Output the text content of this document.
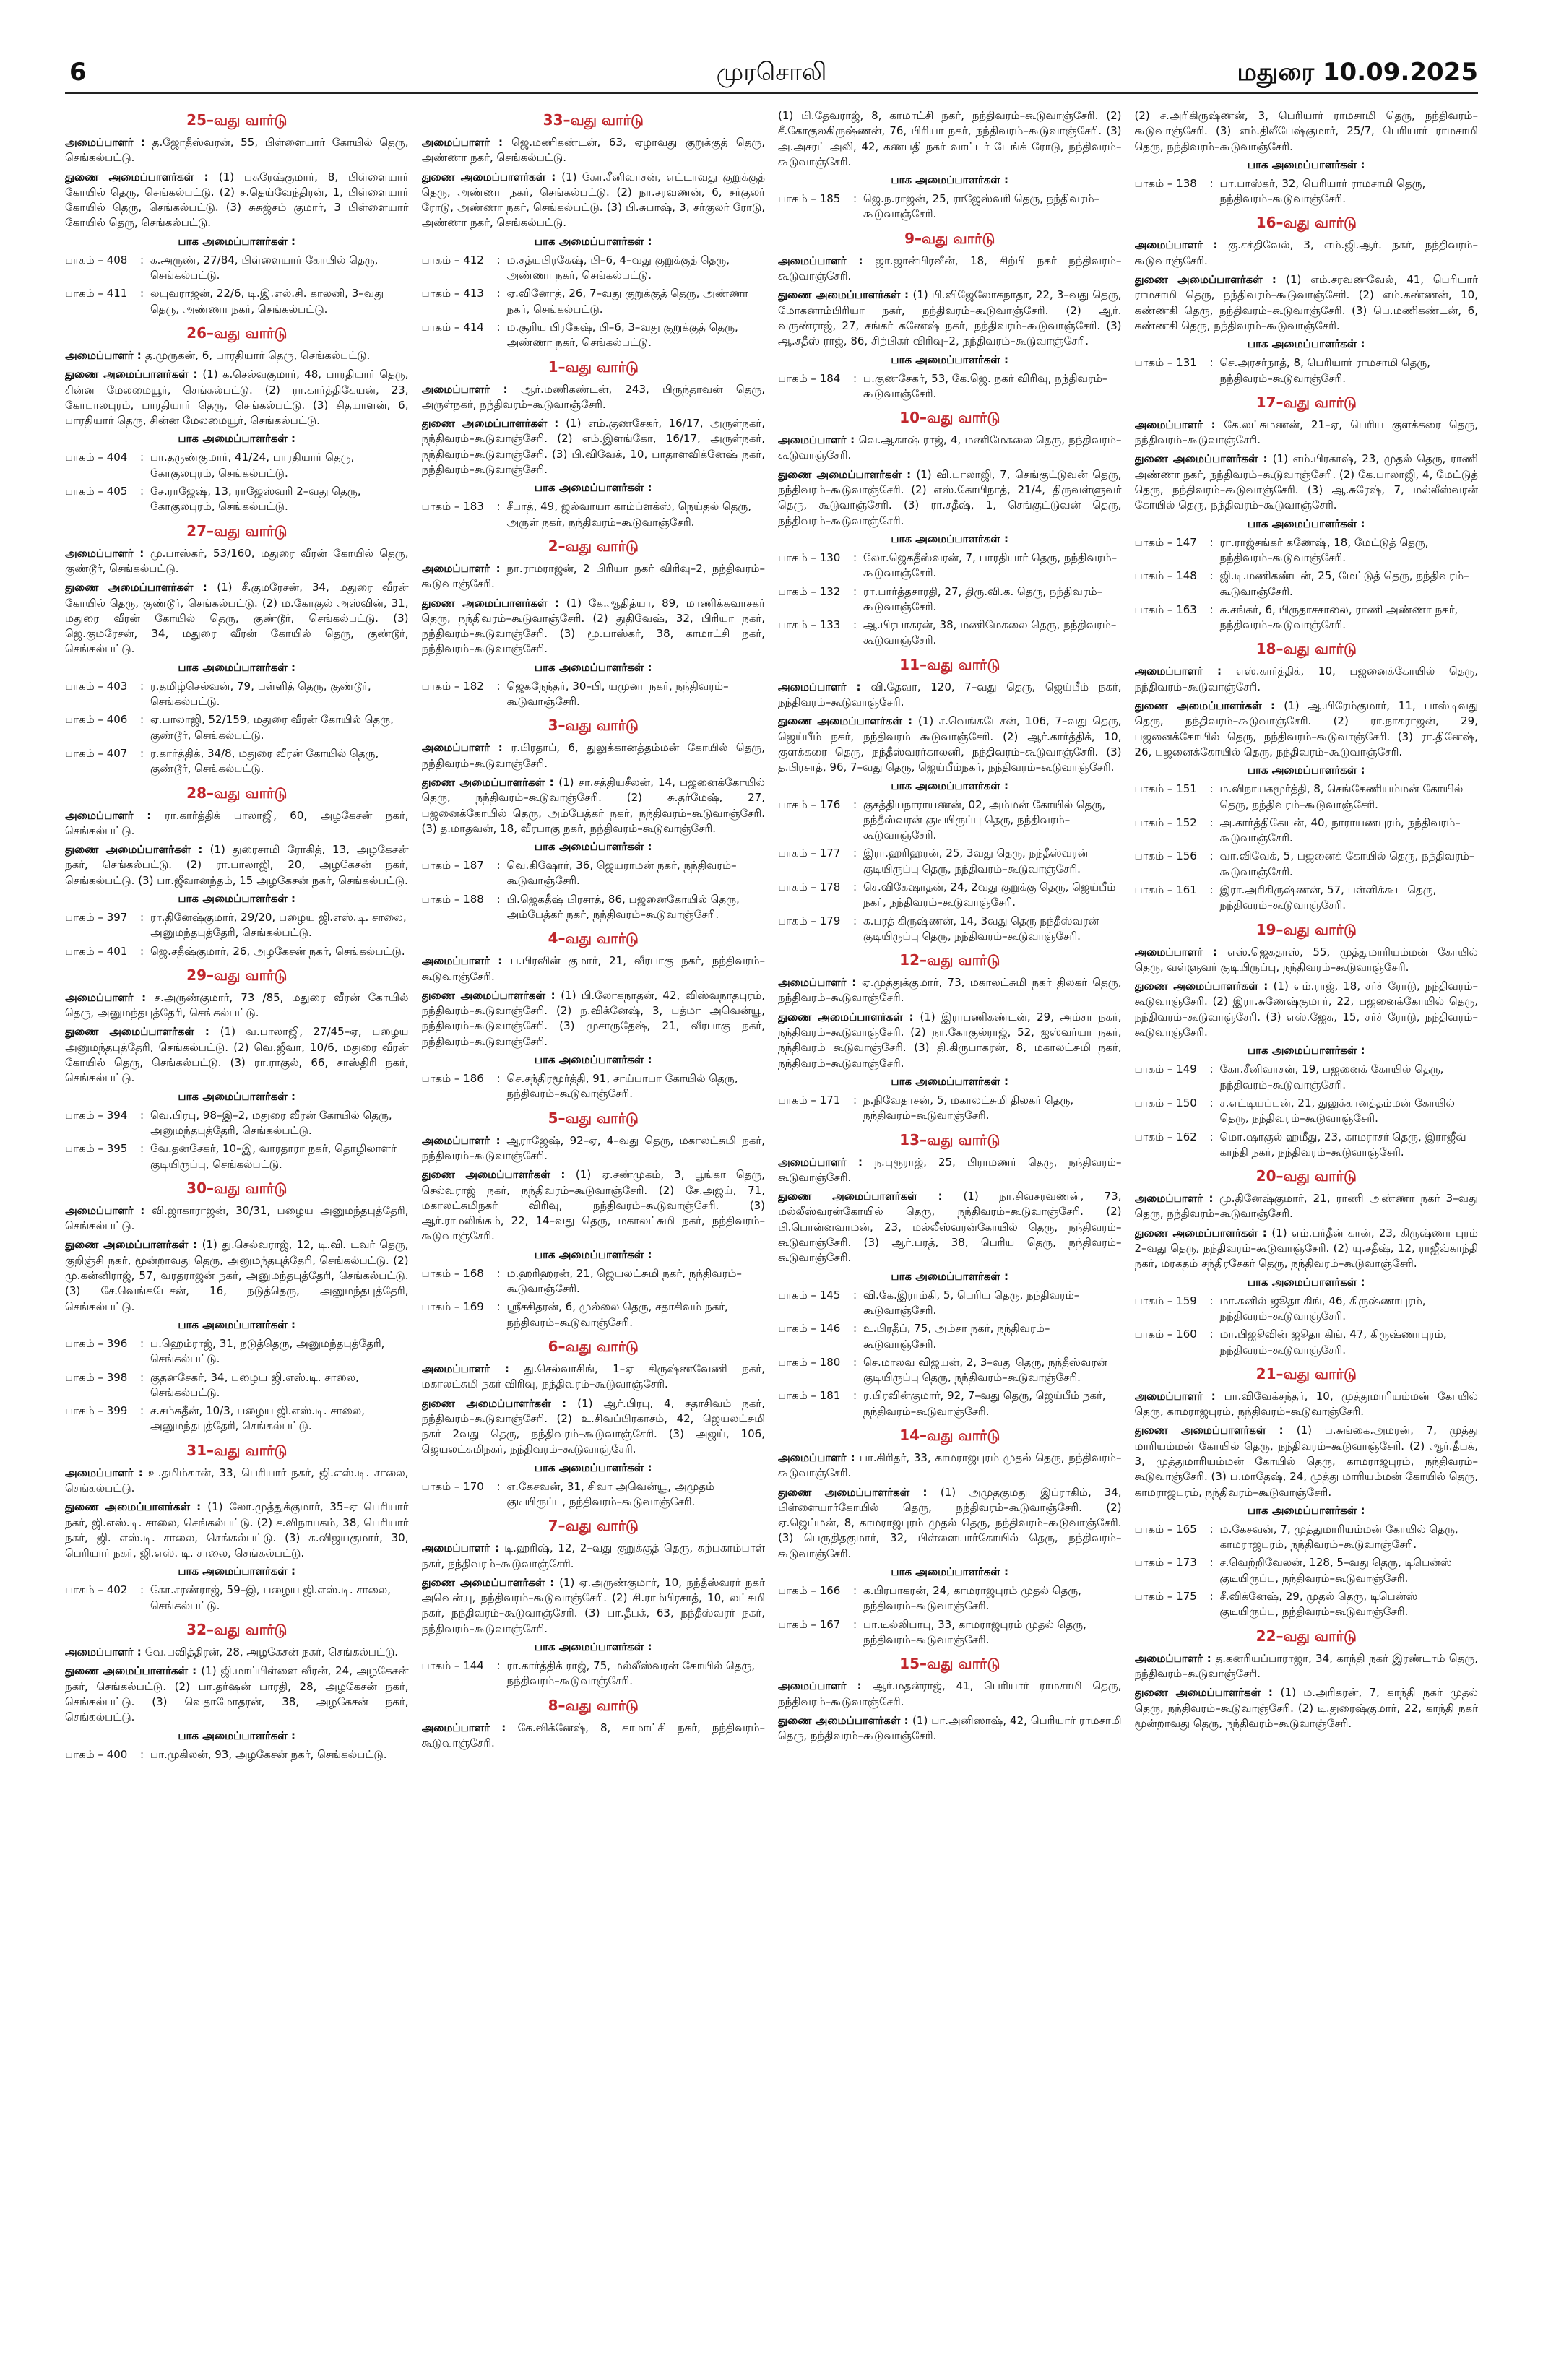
6	முரசொலி	மதுரை 10.09.2025
25–வது வார்டு

அமைப்பாளர் : த.ஜோதீஸ்வரன், 55, பிள்ளையார் கோயில் தெரு, செங்கல்பட்டு.

துணை அமைப்பாளர்கள் : (1) பசுரேஷ்குமார், 8, பிள்ளையார் கோயில் தெரு, செங்கல்பட்டு. (2) ச.தெய்வேந்திரன், 1, பிள்ளையார் கோயில் தெரு, செங்கல்பட்டு. (3) சுசுஜ்சம் குமார், 3 பிள்ளையார் கோயில் தெரு, செங்கல்பட்டு.

பாக அமைப்பாளர்கள் :
பாகம் – 408	: க.அருண், 27/84, பிள்ளையார் கோயில் தெரு, செங்கல்பட்டு.
பாகம் – 411	: லயுவராஜன், 22/6, டி.இ.எல்.சி. காலனி, 3–வது தெரு, அண்ணா நகர், செங்கல்பட்டு.
26–வது வார்டு

அமைப்பாளர் : த.முருகன், 6, பாரதியார் தெரு, செங்கல்பட்டு.

துணை அமைப்பாளர்கள் : (1) க.செல்வகுமார், 48, பாரதியார் தெரு, சின்ன மேலமையூர், செங்கல்பட்டு. (2) ரா.கார்த்திகேயன், 23, கோபாலபுரம், பாரதியார் தெரு, செங்கல்பட்டு. (3) சிதயாளன், 6, பாரதியார் தெரு, சின்ன மேலமையூர், செங்கல்பட்டு.

பாக அமைப்பாளர்கள் :
பாகம் – 404	: பா.தருண்குமார், 41/24, பாரதியார் தெரு, கோகுலபுரம், செங்கல்பட்டு.
பாகம் – 405	: சே.ராஜேஷ், 13, ராஜேஸ்வரி 2–வது தெரு, கோகுலபுரம், செங்கல்பட்டு.
27–வது வார்டு

அமைப்பாளர் : மு.பாஸ்கர், 53/160, மதுரை வீரன் கோயில் தெரு, குண்டூர், செங்கல்பட்டு.

துணை அமைப்பாளர்கள் : (1) சீ.குமரேசன், 34, மதுரை வீரன் கோயில் தெரு, குண்டூர், செங்கல்பட்டு. (2) ம.கோகுல் அஸ்வின், 31, மதுரை வீரன் கோயில் தெரு, குண்டூர், செங்கல்பட்டு. (3) ஜெ.குமரேசன், 34, மதுரை வீரன் கோயில் தெரு, குண்டூர், செங்கல்பட்டு.

பாக அமைப்பாளர்கள் :
பாகம் – 403	: ர.தமிழ்செல்வன், 79, பள்ளித் தெரு, குண்டூர், செங்கல்பட்டு.
பாகம் – 406	: ஏ.பாலாஜி, 52/159, மதுரை வீரன் கோயில் தெரு, குண்டூர், செங்கல்பட்டு.
பாகம் – 407	: ர.கார்த்திக், 34/8, மதுரை வீரன் கோயில் தெரு, குண்டூர், செங்கல்பட்டு.
28–வது வார்டு

அமைப்பாளர் : ரா.கார்த்திக் பாலாஜி, 60, அழகேசன் நகர், செங்கல்பட்டு.

துணை அமைப்பாளர்கள் : (1) துரைசாமி ரோகித், 13, அழகேசன் நகர், செங்கல்பட்டு. (2) ரா.பாலாஜி, 20, அழகேசன் நகர், செங்கல்பட்டு. (3) பா.ஜீவானந்தம், 15 அழகேசன் நகர், செங்கல்பட்டு.

பாக அமைப்பாளர்கள் :
பாகம் – 397	: ரா.தினேஷ்குமார், 29/20, பழைய ஜி.எஸ்.டி. சாலை, அனுமந்தபுத்தேரி, செங்கல்பட்டு.
பாகம் – 401	: ஜெ.சதீஷ்குமார், 26, அழகேசன் நகர், செங்கல்பட்டு.
29–வது வார்டு

அமைப்பாளர் : ச.அருண்குமார், 73 /85, மதுரை வீரன் கோயில் தெரு, அனுமந்தபுத்தேரி, செங்கல்பட்டு.

துணை அமைப்பாளர்கள் : (1) வ.பாலாஜி, 27/45–ஏ, பழைய அனுமந்தபுத்தேரி, செங்கல்பட்டு. (2) வெ.ஜீவா, 10/6, மதுரை வீரன் கோயில் தெரு, செங்கல்பட்டு. (3) ரா.ராகுல், 66, சாஸ்திரி நகர், செங்கல்பட்டு.

பாக அமைப்பாளர்கள் :
பாகம் – 394	: வெ.பிரபு, 98–இ–2, மதுரை வீரன் கோயில் தெரு, அனுமந்தபுத்தேரி, செங்கல்பட்டு.
பாகம் – 395	: வே.தனசேகர், 10–இ, வாரதாரா நகர், தொழிலாளர் குடியிருப்பு, செங்கல்பட்டு.
30–வது வார்டு

அமைப்பாளர் : வி.ஜாகாராஜன், 30/31, பழைய அனுமந்தபுத்தேரி, செங்கல்பட்டு.

துணை அமைப்பாளர்கள் : (1) து.செல்வராஜ், 12, டி.வி. டவர் தெரு, குறிஞ்சி நகர், மூன்றாவது தெரு, அனுமந்தபுத்தேரி, செங்கல்பட்டு. (2) மு.கன்னிராஜ், 57, வரதராஜன் நகர், அனுமந்தபுத்தேரி, செங்கல்பட்டு. (3) சே.வெங்கடேசன், 16, நடுத்தெரு, அனுமந்தபுத்தேரி, செங்கல்பட்டு.

பாக அமைப்பாளர்கள் :
பாகம் – 396	: ப.ஹெம்ராஜ், 31, நடுத்தெரு, அனுமந்தபுத்தேரி, செங்கல்பட்டு.
பாகம் – 398	: குதனசேகர், 34, பழைய ஜி.எஸ்.டி. சாலை, செங்கல்பட்டு.
பாகம் – 399	: ச.சம்சுதீன், 10/3, பழைய ஜி.எஸ்.டி. சாலை, அனுமந்தபுத்தேரி, செங்கல்பட்டு.
31–வது வார்டு

அமைப்பாளர் : உ.தமிம்கான், 33, பெரியார் நகர், ஜி.எஸ்.டி. சாலை, செங்கல்பட்டு.

துணை அமைப்பாளர்கள் : (1) லோ.முத்துக்குமார், 35–ஏ பெரியார் நகர், ஜி.எஸ்.டி. சாலை, செங்கல்பட்டு. (2) ச.விநாயகம், 38, பெரியார் நகர், ஜி. எஸ்.டி. சாலை, செங்கல்பட்டு. (3) சு.விஜயகுமார், 30, பெரியார் நகர், ஜி.எஸ். டி. சாலை, செங்கல்பட்டு.

பாக அமைப்பாளர்கள் :
பாகம் – 402	: கோ.சரண்ராஜ், 59–இ, பழைய ஜி.எஸ்.டி. சாலை, செங்கல்பட்டு.
32–வது வார்டு

அமைப்பாளர் : வே.பவித்திரன், 28, அழகேசன் நகர், செங்கல்பட்டு.

துணை அமைப்பாளர்கள் : (1) ஜி.மாப்பிள்ளை வீரன், 24, அழகேசன் நகர், செங்கல்பட்டு. (2) பா.தர்ஷன் பாரதி, 28, அழகேசன் நகர், செங்கல்பட்டு. (3) வெதாமோதரன், 38, அழகேசன் நகர், செங்கல்பட்டு.

பாக அமைப்பாளர்கள் :
பாகம் – 400	: பா.முகிலன், 93, அழகேசன் நகர், செங்கல்பட்டு.
33–வது வார்டு

அமைப்பாளர் : ஜெ.மணிகண்டன், 63, ஏழாவது குறுக்குத் தெரு, அண்ணா நகர், செங்கல்பட்டு.

துணை அமைப்பாளர்கள் : (1) கோ.சீனிவாசன், எட்டாவது குறுக்குத் தெரு, அண்ணா நகர், செங்கல்பட்டு. (2) நா.சரவணன், 6, சர்குலர் ரோடு, அண்ணா நகர், செங்கல்பட்டு. (3) பி.சுபாஷ், 3, சர்குலர் ரோடு, அண்ணா நகர், செங்கல்பட்டு.

பாக அமைப்பாளர்கள் :
பாகம் – 412	: ம.சத்யபிரகேஷ், பி–6, 4–வது குறுக்குத் தெரு, அண்ணா நகர், செங்கல்பட்டு.
பாகம் – 413	: ஏ.வினோத், 26, 7–வது குறுக்குத் தெரு, அண்ணா நகர், செங்கல்பட்டு.
பாகம் – 414	: ம.சூரிய பிரகேஷ், பி–6, 3–வது குறுக்குத் தெரு, அண்ணா நகர், செங்கல்பட்டு.
1–வது வார்டு

அமைப்பாளர் : ஆர்.மணிகண்டன், 243, பிருந்தாவன் தெரு, அருள்நகர், நந்திவரம்–கூடுவாஞ்சேரி.

துணை அமைப்பாளர்கள் : (1) எம்.குணசேகர், 16/17, அருள்நகர், நந்திவரம்–கூடுவாஞ்சேரி. (2) எம்.இளங்கோ, 16/17, அருள்நகர், நந்திவரம்–கூடுவாஞ்சேரி. (3) பி.விவேக், 10, பாதாளவிக்னேஷ் நகர், நந்திவரம்–கூடுவாஞ்சேரி.

பாக அமைப்பாளர்கள் :
பாகம் – 183	: சீபாத், 49, ஜல்வாயா காம்ப்ளக்ஸ், நெய்தல் தெரு, அருள் நகர், நந்திவரம்–கூடுவாஞ்சேரி.
2–வது வார்டு

அமைப்பாளர் : நா.ராமராஜன், 2 பிரியா நகர் விரிவு–2, நந்திவரம்–கூடுவாஞ்சேரி.

துணை அமைப்பாளர்கள் : (1) கே.ஆதித்யா, 89, மாணிக்கவாசகர் தெரு, நந்திவரம்–கூடுவாஞ்சேரி. (2) துதிவேஷ், 32, பிரியா நகர், நந்திவரம்–கூடுவாஞ்சேரி. (3) மூ.பாஸ்கர், 38, காமாட்சி நகர், நந்திவரம்–கூடுவாஞ்சேரி.

பாக அமைப்பாளர்கள் :
பாகம் – 182	: ஜெகநேந்தர், 30–பி, யமுனா நகர், நந்திவரம்–கூடுவாஞ்சேரி.
3–வது வார்டு

அமைப்பாளர் : ர.பிரதாப், 6, துலுக்கானத்தம்மன் கோயில் தெரு, நந்திவரம்–கூடுவாஞ்சேரி.

துணை அமைப்பாளர்கள் : (1) சா.சத்தியசீலன், 14, பஜனைக்கோயில் தெரு, நந்திவரம்–கூடுவாஞ்சேரி. (2) சு.தர்மேஷ், 27, பஜனைக்கோயில் தெரு, அம்பேத்கர் நகர், நந்திவரம்–கூடுவாஞ்சேரி. (3) த.மாதவன், 18, வீரபாகு நகர், நந்திவரம்–கூடுவாஞ்சேரி.

பாக அமைப்பாளர்கள் :
பாகம் – 187	: வெ.கிஷோர், 36, ஜெயராமன் நகர், நந்திவரம்–கூடுவாஞ்சேரி.
பாகம் – 188	: பி.ஜெகதீஷ் பிரசாத், 86, பஜனைகோயில் தெரு, அம்பேத்கர் நகர், நந்திவரம்–கூடுவாஞ்சேரி.
4–வது வார்டு

அமைப்பாளர் : ப.பிரவின் குமார், 21, வீரபாகு நகர், நந்திவரம்–கூடுவாஞ்சேரி.

துணை அமைப்பாளர்கள் : (1) பி.லோகநாதன், 42, விஸ்வநாதபுரம், நந்திவரம்–கூடுவாஞ்சேரி. (2) ந.விக்னேஷ், 3, பத்மா அவென்யூ, நந்திவரம்–கூடுவாஞ்சேரி. (3) முசாருதேஷ், 21, வீரபாகு நகர், நந்திவரம்–கூடுவாஞ்சேரி.

பாக அமைப்பாளர்கள் :
பாகம் – 186	: செ.சந்திரமூர்த்தி, 91, சாய்பாபா கோயில் தெரு, நந்திவரம்–கூடுவாஞ்சேரி.
5–வது வார்டு

அமைப்பாளர் : ஆராஜேஷ், 92–ஏ, 4–வது தெரு, மகாலட்சுமி நகர், நந்திவரம்–கூடுவாஞ்சேரி.

துணை அமைப்பாளர்கள் : (1) ஏ.சண்முகம், 3, பூங்கா தெரு, செல்வராஜ் நகர், நந்திவரம்–கூடுவாஞ்சேரி. (2) சே.அஜய், 71, மகாலட்சுமிநகர் விரிவு, நந்திவரம்–கூடுவாஞ்சேரி. (3) ஆர்.ராமலிங்கம், 22, 14–வது தெரு, மகாலட்சுமி நகர், நந்திவரம்–கூடுவாஞ்சேரி.

பாக அமைப்பாளர்கள் :
பாகம் – 168	: ம.ஹரிஹரன், 21, ஜெயலட்சுமி நகர், நந்திவரம்–கூடுவாஞ்சேரி.
பாகம் – 169	: ஸ்ரீசசிதரன், 6, முல்லை தெரு, சதாசிவம் நகர், நந்திவரம்–கூடுவாஞ்சேரி.
6–வது வார்டு

அமைப்பாளர் : து.செல்வாசிங், 1–ஏ கிருஷ்ணவேணி நகர், மகாலட்சுமி நகர் விரிவு, நந்திவரம்–கூடுவாஞ்சேரி.

துணை அமைப்பாளர்கள் : (1) ஆர்.பிரபு, 4, சதாசிவம் நகர், நந்திவரம்–கூடுவாஞ்சேரி. (2) உ.சிவப்பிரகாசம், 42, ஜெயலட்சுமி நகர் 2வது தெரு, நந்திவரம்–கூடுவாஞ்சேரி. (3) அஜய், 106, ஜெயலட்சுமிநகர், நந்திவரம்–கூடுவாஞ்சேரி.

பாக அமைப்பாளர்கள் :
பாகம் – 170	: எ.கேசவன், 31, சிவா அவென்யூ, அமுதம் குடியிருப்பு, நந்திவரம்–கூடுவாஞ்சேரி.
7–வது வார்டு

அமைப்பாளர் : டி.ஹரிஷ், 12, 2–வது குறுக்குத் தெரு, சுற்பகாம்பாள் நகர், நந்திவரம்–கூடுவாஞ்சேரி.

துணை அமைப்பாளர்கள் : (1) ஏ.அருண்குமார், 10, நந்தீஸ்வரர் நகர் அவென்யு, நந்திவரம்–கூடுவாஞ்சேரி. (2) சி.ராம்பிரசாத், 10, லட்சுமி நகர், நந்திவரம்–கூடுவாஞ்சேரி. (3) பா.தீபக், 63, நந்தீஸ்வரர் நகர், நந்திவரம்–கூடுவாஞ்சேரி.

பாக அமைப்பாளர்கள் :
பாகம் – 144	: ரா.கார்த்திக் ராஜ், 75, மல்லீஸ்வரன் கோயில் தெரு, நந்திவரம்–கூடுவாஞ்சேரி.
8–வது வார்டு

அமைப்பாளர் : கே.விக்னேஷ், 8, காமாட்சி நகர், நந்திவரம்–கூடுவாஞ்சேரி.

(1) பி.தேவராஜ், 8, காமாட்சி நகர், நந்திவரம்–கூடுவாஞ்சேரி. (2) சீ.கோகுலகிருஷ்ணன், 76, பிரியா நகர், நந்திவரம்–கூடுவாஞ்சேரி. (3) அ.அசரப் அலி, 42, கணபதி நகர் வாட்டர் டேங்க் ரோடு, நந்திவரம்–கூடுவாஞ்சேரி.

பாக அமைப்பாளர்கள் :
பாகம் – 185	: ஜெ.ந.ராஜன், 25, ராஜேஸ்வரி தெரு, நந்திவரம்–கூடுவாஞ்சேரி.
9–வது வார்டு

அமைப்பாளர் : ஜா.ஜான்பிரவீன், 18, சிற்பி நகர் நந்திவரம்–கூடுவாஞ்சேரி.

துணை அமைப்பாளர்கள் : (1) பி.விஜேலோகநாதா, 22, 3–வது தெரு, மோகனாம்பிரியா நகர், நந்திவரம்–கூடுவாஞ்சேரி. (2) ஆர். வருண்ராஜ், 27, சங்கர் கணேஷ் நகர், நந்திவரம்–கூடுவாஞ்சேரி. (3) ஆ.சதீஸ் ராஜ், 86, சிற்பிகர் விரிவு–2, நந்திவரம்–கூடுவாஞ்சேரி.

பாக அமைப்பாளர்கள் :
பாகம் – 184	: ப.குணசேகர், 53, கே.ஜெ. நகர் விரிவு, நந்திவரம்–கூடுவாஞ்சேரி.
10–வது வார்டு

அமைப்பாளர் : வெ.ஆகாஷ் ராஜ், 4, மணிமேகலை தெரு, நந்திவரம்–கூடுவாஞ்சேரி.

துணை அமைப்பாளர்கள் : (1) வி.பாலாஜி, 7, செங்குட்டுவன் தெரு, நந்திவரம்–கூடுவாஞ்சேரி. (2) எஸ்.கோபிநாத், 21/4, திருவள்ளுவர் தெரு, கூடுவாஞ்சேரி. (3) ரா.சதீஷ், 1, செங்குட்டுவன் தெரு, நந்திவரம்–கூடுவாஞ்சேரி.

பாக அமைப்பாளர்கள் :
பாகம் – 130	: லோ.ஜெகதீஸ்வரன், 7, பாரதியார் தெரு, நந்திவரம்–கூடுவாஞ்சேரி.
பாகம் – 132	: ரா.பார்த்தசாரதி, 27, திரு.வி.க. தெரு, நந்திவரம்–கூடுவாஞ்சேரி.
பாகம் – 133	: ஆ.பிரபாகரன், 38, மணிமேகலை தெரு, நந்திவரம்–கூடுவாஞ்சேரி.
11–வது வார்டு

அமைப்பாளர் : வி.தேவா, 120, 7–வது தெரு, ஜெய்பீம் நகர், நந்திவரம்–கூடுவாஞ்சேரி.

துணை அமைப்பாளர்கள் : (1) ச.வெங்கடேசன், 106, 7–வது தெரு, ஜெய்பீம் நகர், நந்திவரம் கூடுவாஞ்சேரி. (2) ஆர்.கார்த்திக், 10, குளக்கரை தெரு, நந்தீஸ்வரர்காலனி, நந்திவரம்–கூடுவாஞ்சேரி. (3) த.பிரசாத், 96, 7–வது தெரு, ஜெய்பீம்நகர், நந்திவரம்–கூடுவாஞ்சேரி.

பாக அமைப்பாளர்கள் :
பாகம் – 176	: குசத்தியநாராயணன், 02, அம்மன் கோயில் தெரு, நந்தீஸ்வரன் குடியிருப்பு தெரு, நந்திவரம்–கூடுவாஞ்சேரி.
பாகம் – 177	: இரா.ஹரிஹரன், 25, 3வது தெரு, நந்தீஸ்வரன் குடியிருப்பு தெரு, நந்திவரம்–கூடுவாஞ்சேரி.
பாகம் – 178	: செ.விகேஷாதன், 24, 2வது குறுக்கு தெரு, ஜெய்பீம் நகர், நந்திவரம்–கூடுவாஞ்சேரி.
பாகம் – 179	: க.பரத் கிருஷ்ணன், 14, 3வது தெரு நந்தீஸ்வரன் குடியிருப்பு தெரு, நந்திவரம்–கூடுவாஞ்சேரி.
12–வது வார்டு

அமைப்பாளர் : ஏ.முத்துக்குமார், 73, மகாலட்சுமி நகர் திலகர் தெரு, நந்திவரம்–கூடுவாஞ்சேரி.

துணை அமைப்பாளர்கள் : (1) இராபணிகண்டன், 29, அம்சா நகர், நந்திவரம்–கூடுவாஞ்சேரி. (2) நா.கோகுல்ராஜ், 52, ஐஸ்வர்யா நகர், நந்திவரம் கூடுவாஞ்சேரி. (3) தி.கிருபாகரன், 8, மகாலட்சுமி நகர், நந்திவரம்–கூடுவாஞ்சேரி.

பாக அமைப்பாளர்கள் :
பாகம் – 171	: ந.நிவேதாசன், 5, மகாலட்சுமி திலகர் தெரு, நந்திவரம்–கூடுவாஞ்சேரி.
13–வது வார்டு

அமைப்பாளர் : ந.புரூராஜ், 25, பிராமணர் தெரு, நந்திவரம்–கூடுவாஞ்சேரி.

துணை அமைப்பாளர்கள் : (1) நா.சிவசரவணன், 73, மல்லீஸ்வரன்கோயில் தெரு, நந்திவரம்–கூடுவாஞ்சேரி. (2) பி.பொன்னவாமன், 23, மல்லீஸ்வரன்கோயில் தெரு, நந்திவரம்–கூடுவாஞ்சேரி. (3) ஆர்.பரத், 38, பெரிய தெரு, நந்திவரம்–கூடுவாஞ்சேரி.

பாக அமைப்பாளர்கள் :
பாகம் – 145	: வி.கே.இராம்கி, 5, பெரிய தெரு, நந்திவரம்–கூடுவாஞ்சேரி.
பாகம் – 146	: உ.பிரதீப், 75, அம்சா நகர், நந்திவரம்–கூடுவாஞ்சேரி.
பாகம் – 180	: செ.மாலவ விஜயன், 2, 3–வது தெரு, நந்தீஸ்வரன் குடியிருப்பு தெரு, நந்திவரம்–கூடுவாஞ்சேரி.
பாகம் – 181	: ர.பிரவின்குமார், 92, 7–வது தெரு, ஜெய்பீம் நகர், நந்திவரம்–கூடுவாஞ்சேரி.
14–வது வார்டு

அமைப்பாளர் : பா.கிரிதர், 33, காமராஜபுரம் முதல் தெரு, நந்திவரம்–கூடுவாஞ்சேரி.

துணை அமைப்பாளர்கள் : (1) அமுதகுமது இப்ராகிம், 34, பிள்ளையார்கோயில் தெரு, நந்திவரம்–கூடுவாஞ்சேரி. (2) ஏ.ஜெய்மன், 8, காமராஜபுரம் முதல் தெரு, நந்திவரம்–கூடுவாஞ்சேரி. (3) பெருதிதகுமார், 32, பிள்ளையார்கோயில் தெரு, நந்திவரம்–கூடுவாஞ்சேரி.

பாக அமைப்பாளர்கள் :
பாகம் – 166	: க.பிரபாகரன், 24, காமராஜபுரம் முதல் தெரு, நந்திவரம்–கூடுவாஞ்சேரி.
பாகம் – 167	: பா.டில்லிபாபு, 33, காமராஜபுரம் முதல் தெரு, நந்திவரம்–கூடுவாஞ்சேரி.
15–வது வார்டு

அமைப்பாளர் : ஆர்.மதன்ராஜ், 41, பெரியார் ராமசாமி தெரு, நந்திவரம்–கூடுவாஞ்சேரி.

துணை அமைப்பாளர்கள் : (1) பா.அனிஸாஷ், 42, பெரியார் ராமசாமி தெரு, நந்திவரம்–கூடுவாஞ்சேரி.

(2) ச.அரிகிருஷ்ணன், 3, பெரியார் ராமசாமி தெரு, நந்திவரம்–கூடுவாஞ்சேரி. (3) எம்.திலீபேஷ்குமார், 25/7, பெரியார் ராமசாமி தெரு, நந்திவரம்–கூடுவாஞ்சேரி.

பாக அமைப்பாளர்கள் :
பாகம் – 138	: பா.பாஸ்கர், 32, பெரியார் ராமசாமி தெரு, நந்திவரம்–கூடுவாஞ்சேரி.
16–வது வார்டு

அமைப்பாளர் : கு.சக்திவேல், 3, எம்.ஜி.ஆர். நகர், நந்திவரம்–கூடுவாஞ்சேரி.

துணை அமைப்பாளர்கள் : (1) எம்.சரவணவேல், 41, பெரியார் ராமசாமி தெரு, நந்திவரம்–கூடுவாஞ்சேரி. (2) எம்.கண்ணன், 10, கண்ணகி தெரு, நந்திவரம்–கூடுவாஞ்சேரி. (3) பெ.மணிகண்டன், 6, கண்ணகி தெரு, நந்திவரம்–கூடுவாஞ்சேரி.

பாக அமைப்பாளர்கள் :
பாகம் – 131	: செ.அரசர்நாத், 8, பெரியார் ராமசாமி தெரு, நந்திவரம்–கூடுவாஞ்சேரி.
17–வது வார்டு

அமைப்பாளர் : கே.லட்சுமணன், 21–ஏ, பெரிய குளக்கரை தெரு, நந்திவரம்–கூடுவாஞ்சேரி.

துணை அமைப்பாளர்கள் : (1) எம்.பிரகாஷ், 23, முதல் தெரு, ராணி அண்ணா நகர், நந்திவரம்–கூடுவாஞ்சேரி. (2) கே.பாலாஜி, 4, மேட்டுத் தெரு, நந்திவரம்–கூடுவாஞ்சேரி. (3) ஆ.சுரேஷ், 7, மல்லீஸ்வரன் கோயில் தெரு, நந்திவரம்–கூடுவாஞ்சேரி.

பாக அமைப்பாளர்கள் :
பாகம் – 147	: ரா.ராஜ்சங்கர் கணேஷ், 18, மேட்டுத் தெரு, நந்திவரம்–கூடுவாஞ்சேரி.
பாகம் – 148	: ஜி.டி.மணிகண்டன், 25, மேட்டுத் தெரு, நந்திவரம்–கூடுவாஞ்சேரி.
பாகம் – 163	: சு.சங்கர், 6, பிருதாசசாலை, ராணி அண்ணா நகர், நந்திவரம்–கூடுவாஞ்சேரி.
18–வது வார்டு

அமைப்பாளர் : எஸ்.கார்த்திக், 10, பஜனைக்கோயில் தெரு, நந்திவரம்–கூடுவாஞ்சேரி.

துணை அமைப்பாளர்கள் : (1) ஆ.பிரேம்குமார், 11, பாஸ்டிவது தெரு, நந்திவரம்–கூடுவாஞ்சேரி. (2) ரா.நாகராஜன், 29, பஜனைக்கோயில் தெரு, நந்திவரம்–கூடுவாஞ்சேரி. (3) ரா.தினேஷ், 26, பஜனைக்கோயில் தெரு, நந்திவரம்–கூடுவாஞ்சேரி.

பாக அமைப்பாளர்கள் :
பாகம் – 151	: ம.விநாயகமூர்த்தி, 8, செங்கேணியம்மன் கோயில் தெரு, நந்திவரம்–கூடுவாஞ்சேரி.
பாகம் – 152	: அ.கார்த்திகேயன், 40, நாராயணபுரம், நந்திவரம்–கூடுவாஞ்சேரி.
பாகம் – 156	: வா.விவேக், 5, பஜனைக் கோயில் தெரு, நந்திவரம்–கூடுவாஞ்சேரி.
பாகம் – 161	: இரா.அரிகிருஷ்ணன், 57, பள்ளிக்கூட தெரு, நந்திவரம்–கூடுவாஞ்சேரி.
19–வது வார்டு

அமைப்பாளர் : எஸ்.ஜெகதாஸ், 55, முத்துமாரியம்மன் கோயில் தெரு, வள்ளுவர் குடியிருப்பு, நந்திவரம்–கூடுவாஞ்சேரி.

துணை அமைப்பாளர்கள் : (1) எம்.ராஜ், 18, சர்ச் ரோடு, நந்திவரம்–கூடுவாஞ்சேரி. (2) இரா.சுணேஷ்குமார், 22, பஜனைக்கோயில் தெரு, நந்திவரம்–கூடுவாஞ்சேரி. (3) எஸ்.ஜேசு, 15, சர்ச் ரோடு, நந்திவரம்–கூடுவாஞ்சேரி.

பாக அமைப்பாளர்கள் :
பாகம் – 149	: கோ.சீனிவாசன், 19, பஜனைக் கோயில் தெரு, நந்திவரம்–கூடுவாஞ்சேரி.
பாகம் – 150	: ச.எட்டியப்பன், 21, துலுக்கானத்தம்மன் கோயில் தெரு, நந்திவரம்–கூடுவாஞ்சேரி.
பாகம் – 162	: மொ.ஷாகுல் ஹமீது, 23, காமராசர் தெரு, இராஜீவ் காந்தி நகர், நந்திவரம்–கூடுவாஞ்சேரி.
20–வது வார்டு

அமைப்பாளர் : மு.தினேஷ்குமார், 21, ராணி அண்ணா நகர் 3–வது தெரு, நந்திவரம்–கூடுவாஞ்சேரி.

துணை அமைப்பாளர்கள் : (1) எம்.பர்தீன் கான், 23, கிருஷ்ணா புரம் 2–வது தெரு, நந்திவரம்–கூடுவாஞ்சேரி. (2) யு.சதீஷ், 12, ராஜீவ்காந்தி நகர், மரகதம் சந்திரசேகர் தெரு, நந்திவரம்–கூடுவாஞ்சேரி.

பாக அமைப்பாளர்கள் :
பாகம் – 159	: மா.சுனில் ஜூதா கிங், 46, கிருஷ்ணாபுரம், நந்திவரம்–கூடுவாஞ்சேரி.
பாகம் – 160	: மா.பிஜூவின் ஜூதா கிங், 47, கிருஷ்ணாபுரம், நந்திவரம்–கூடுவாஞ்சேரி.
21–வது வார்டு

அமைப்பாளர் : பா.விவேக்சந்தர், 10, முத்துமாரியம்மன் கோயில் தெரு, காமராஜபுரம், நந்திவரம்–கூடுவாஞ்சேரி.

துணை அமைப்பாளர்கள் : (1) ப.சுங்கை.அமரன், 7, முத்து மாரியம்மன் கோயில் தெரு, நந்திவரம்–கூடுவாஞ்சேரி. (2) ஆர்.தீபக், 3, முத்துமாரியம்மன் கோயில் தெரு, காமராஜபுரம், நந்திவரம்–கூடுவாஞ்சேரி. (3) ப.மாதேஷ், 24, முத்து மாரியம்மன் கோயில் தெரு, காமராஜபுரம், நந்திவரம்–கூடுவாஞ்சேரி.

பாக அமைப்பாளர்கள் :
பாகம் – 165	: ம.கேசவன், 7, முத்துமாரியம்மன் கோயில் தெரு, காமராஜபுரம், நந்திவரம்–கூடுவாஞ்சேரி.
பாகம் – 173	: ச.வெற்றிவேலன், 128, 5–வது தெரு, டிபென்ஸ் குடியிருப்பு, நந்திவரம்–கூடுவாஞ்சேரி.
பாகம் – 175	: சீ.விக்னேஷ், 29, முதல் தெரு, டிபென்ஸ் குடியிருப்பு, நந்திவரம்–கூடுவாஞ்சேரி.
22–வது வார்டு

அமைப்பாளர் : த.கனரியப்பாராஜா, 34, காந்தி நகர் இரண்டாம் தெரு, நந்திவரம்–கூடுவாஞ்சேரி.

துணை அமைப்பாளர்கள் : (1) ம.அரிகரன், 7, காந்தி நகர் முதல் தெரு, நந்திவரம்–கூடுவாஞ்சேரி. (2) டி.துரைஷ்குமார், 22, காந்தி நகர் மூன்றாவது தெரு, நந்திவரம்–கூடுவாஞ்சேரி.
